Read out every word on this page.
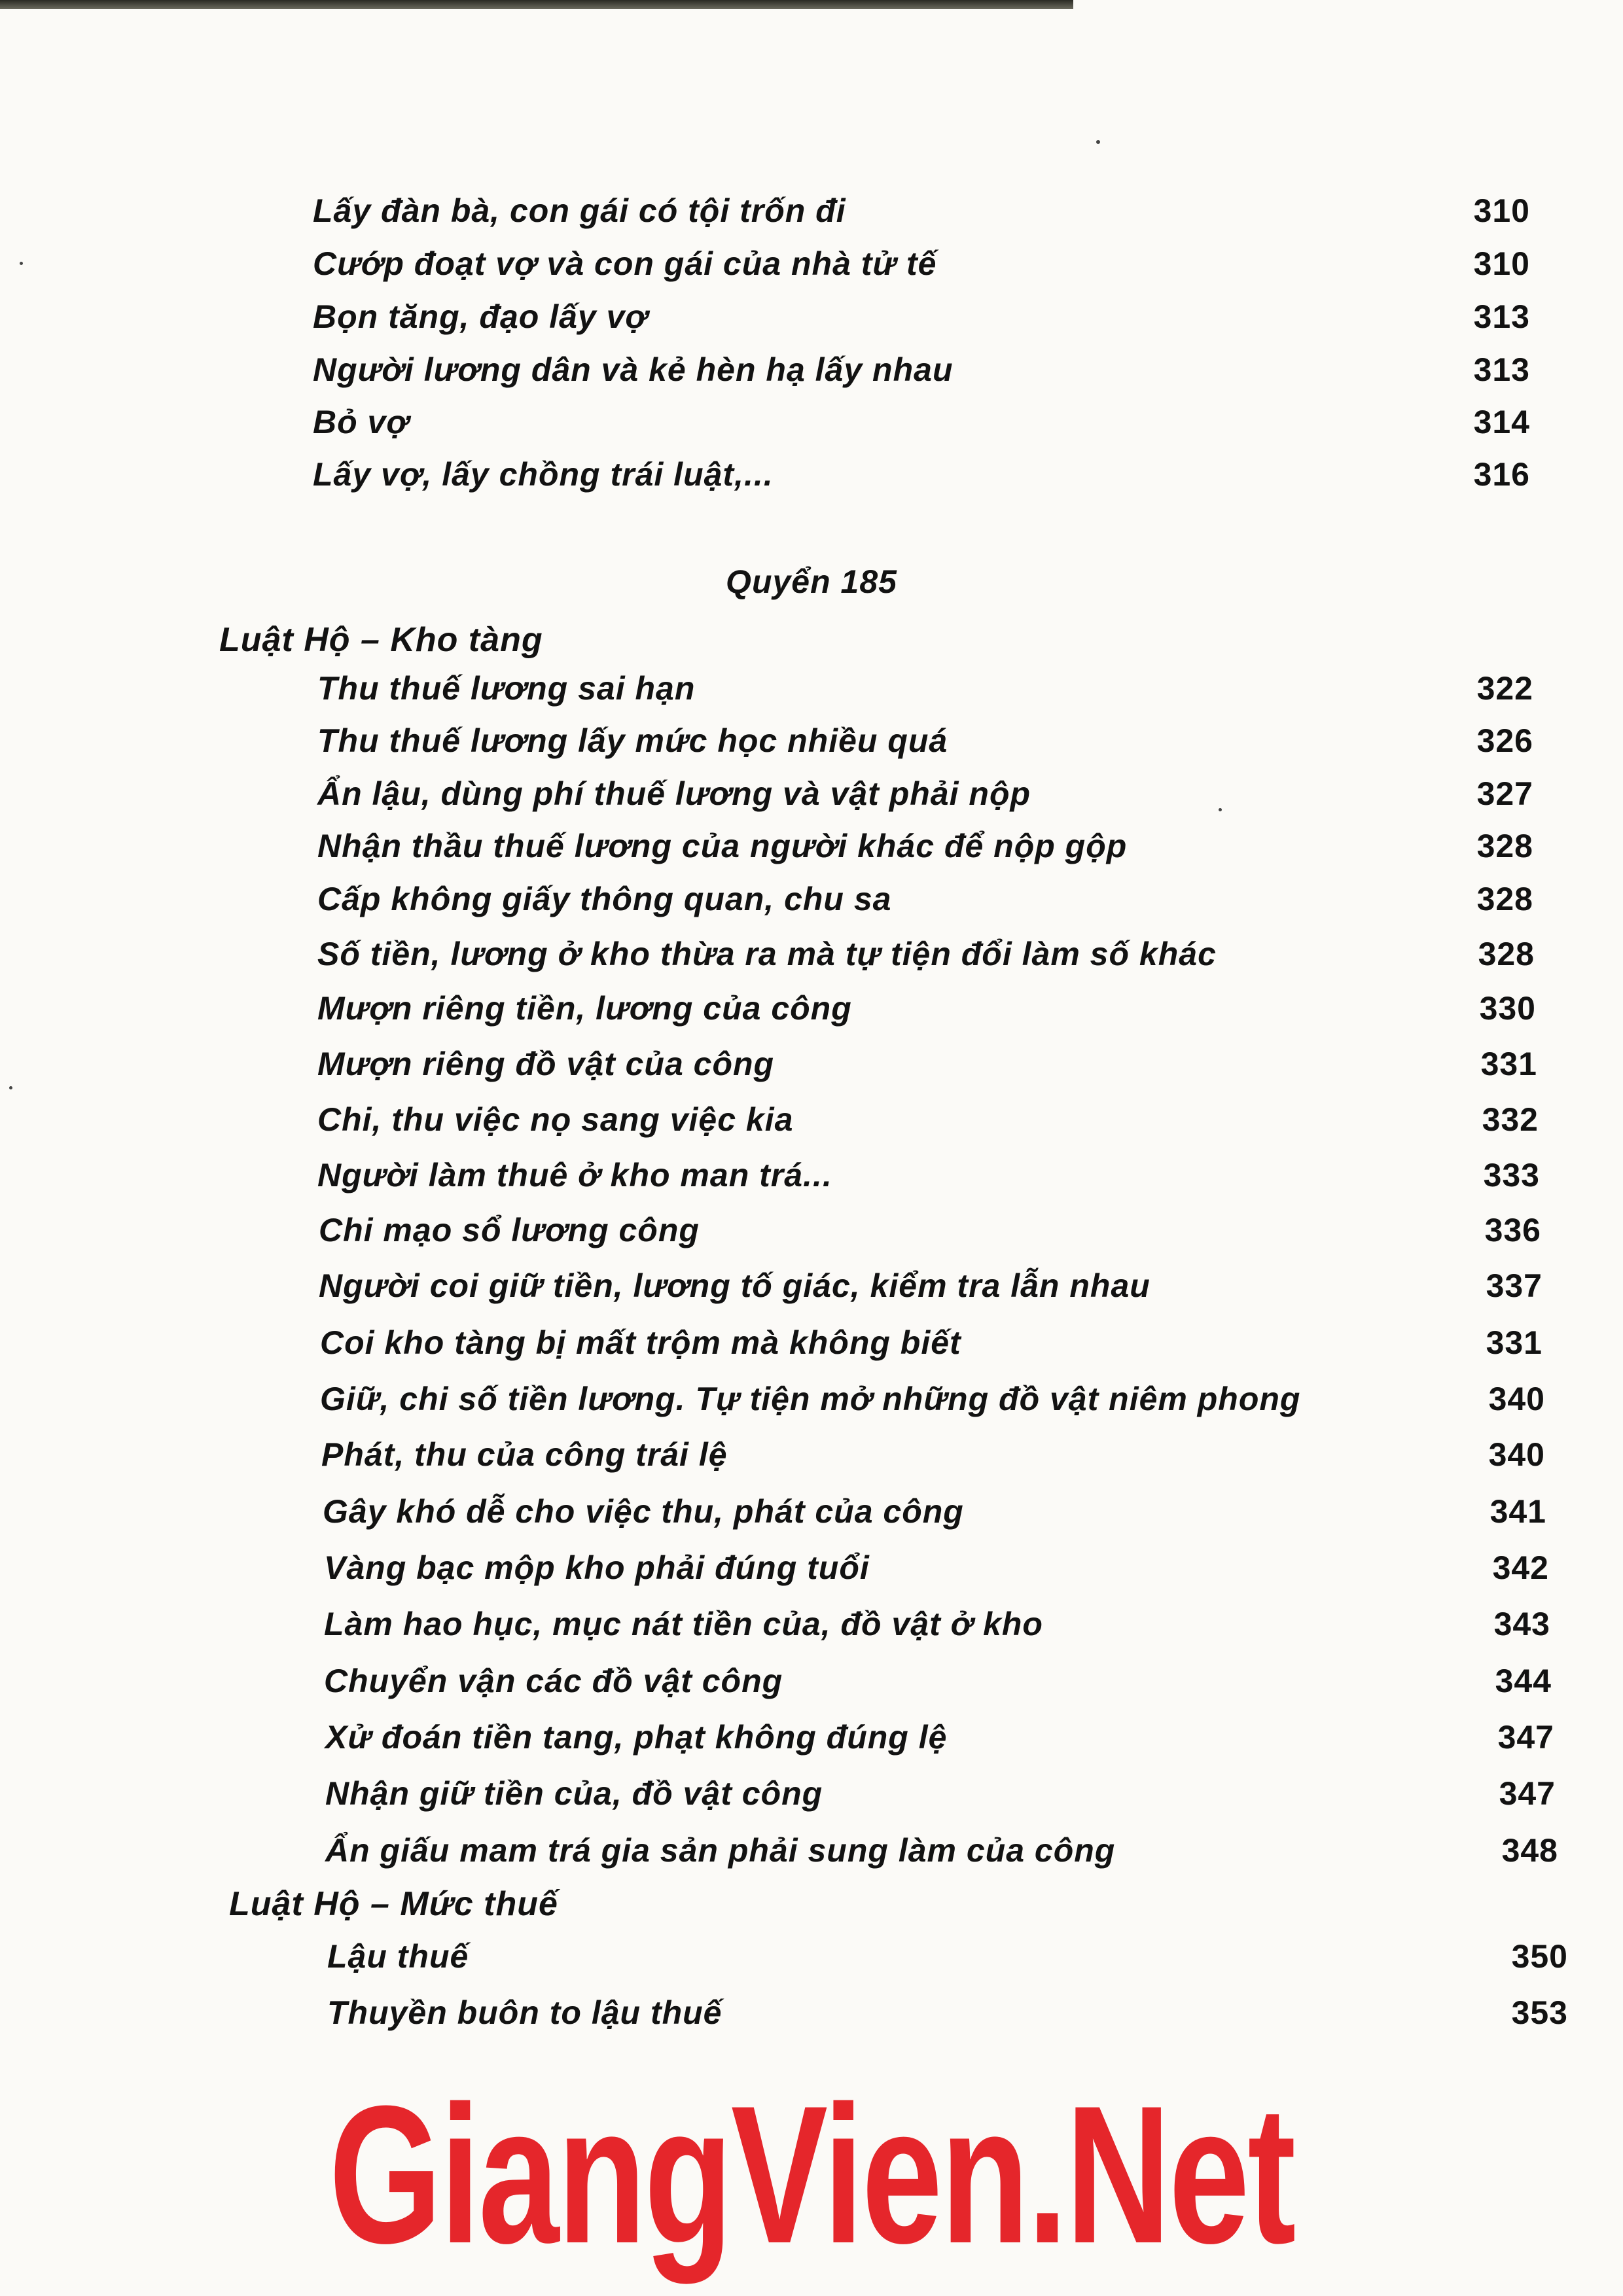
Lấy đàn bà, con gái có tội trốn đi	310
Cướp đoạt vợ và con gái của nhà tử tế	310
Bọn tăng, đạo lấy vợ	313
Người lương dân và kẻ hèn hạ lấy nhau	313
Bỏ vợ	314
Lấy vợ, lấy chồng trái luật,...	316
Quyển 185
Luật Hộ – Kho tàng
Thu thuế lương sai hạn	322
Thu thuế lương lấy mức học nhiều quá	326
Ẩn lậu, dùng phí thuế lương và vật phải nộp	327
Nhận thầu thuế lương của người khác để nộp gộp	328
Cấp không giấy thông quan, chu sa	328
Số tiền, lương ở kho thừa ra mà tự tiện đổi làm số khác	328
Mượn riêng tiền, lương của công	330
Mượn riêng đồ vật của công	331
Chi, thu việc nọ sang việc kia	332
Người làm thuê ở kho man trá...	333
Chi mạo sổ lương công	336
Người coi giữ tiền, lương tố giác, kiểm tra lẫn nhau	337
Coi kho tàng bị mất trộm mà không biết	331
Giữ, chi số tiền lương. Tự tiện mở những đồ vật niêm phong	340
Phát, thu của công trái lệ	340
Gây khó dễ cho việc thu, phát của công	341
Vàng bạc mộp kho phải đúng tuổi	342
Làm hao hục, mục nát tiền của, đồ vật ở kho	343
Chuyển vận các đồ vật công	344
Xử đoán tiền tang, phạt không đúng lệ	347
Nhận giữ tiền của, đồ vật công	347
Ẩn giấu mam trá gia sản phải sung làm của công	348
Luật Hộ – Mức thuế
Lậu thuế	350
Thuyền buôn to lậu thuế	353
GiangVien.Net
